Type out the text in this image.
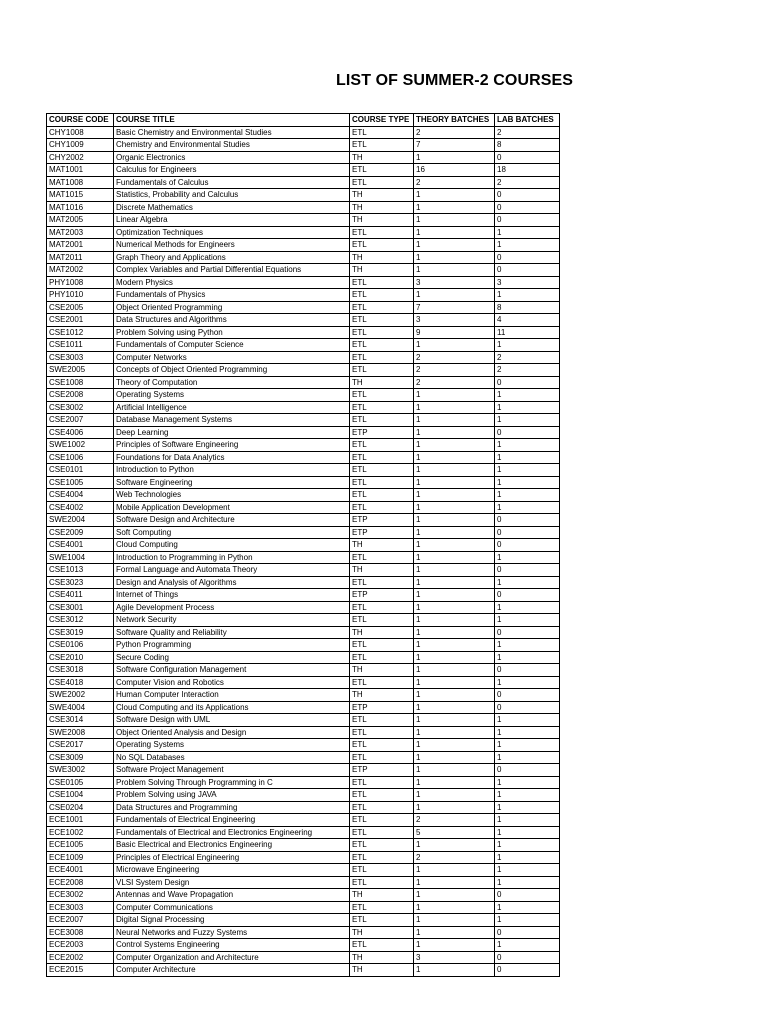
LIST OF SUMMER-2 COURSES
COURSE CODE	COURSE TITLE	COURSE TYPE	THEORY BATCHES	LAB BATCHES
CHY1008	Basic Chemistry and Environmental Studies	ETL	2	2
CHY1009	Chemistry and Environmental Studies	ETL	7	8
CHY2002	Organic Electronics	TH	1	0
MAT1001	Calculus for Engineers	ETL	16	18
MAT1008	Fundamentals of Calculus	ETL	2	2
MAT1015	Statistics, Probability and Calculus	TH	1	0
MAT1016	Discrete Mathematics	TH	1	0
MAT2005	Linear Algebra	TH	1	0
MAT2003	Optimization Techniques	ETL	1	1
MAT2001	Numerical Methods for Engineers	ETL	1	1
MAT2011	Graph Theory and Applications	TH	1	0
MAT2002	Complex Variables and Partial Differential Equations	TH	1	0
PHY1008	Modern Physics	ETL	3	3
PHY1010	Fundamentals of Physics	ETL	1	1
CSE2005	Object Oriented Programming	ETL	7	8
CSE2001	Data Structures and Algorithms	ETL	3	4
CSE1012	Problem Solving using Python	ETL	9	11
CSE1011	Fundamentals of Computer Science	ETL	1	1
CSE3003	Computer Networks	ETL	2	2
SWE2005	Concepts of Object Oriented Programming	ETL	2	2
CSE1008	Theory of Computation	TH	2	0
CSE2008	Operating Systems	ETL	1	1
CSE3002	Artificial Intelligence	ETL	1	1
CSE2007	Database Management Systems	ETL	1	1
CSE4006	Deep Learning	ETP	1	0
SWE1002	Principles of Software Engineering	ETL	1	1
CSE1006	Foundations for Data Analytics	ETL	1	1
CSE0101	Introduction to Python	ETL	1	1
CSE1005	Software Engineering	ETL	1	1
CSE4004	Web Technologies	ETL	1	1
CSE4002	Mobile Application Development	ETL	1	1
SWE2004	Software Design and Architecture	ETP	1	0
CSE2009	Soft Computing	ETP	1	0
CSE4001	Cloud Computing	TH	1	0
SWE1004	Introduction to Programming in Python	ETL	1	1
CSE1013	Formal Language and Automata Theory	TH	1	0
CSE3023	Design and Analysis of Algorithms	ETL	1	1
CSE4011	Internet of Things	ETP	1	0
CSE3001	Agile Development Process	ETL	1	1
CSE3012	Network Security	ETL	1	1
CSE3019	Software Quality and Reliability	TH	1	0
CSE0106	Python Programming	ETL	1	1
CSE2010	Secure Coding	ETL	1	1
CSE3018	Software Configuration Management	TH	1	0
CSE4018	Computer Vision and Robotics	ETL	1	1
SWE2002	Human Computer Interaction	TH	1	0
SWE4004	Cloud Computing and its Applications	ETP	1	0
CSE3014	Software Design with UML	ETL	1	1
SWE2008	Object Oriented Analysis and Design	ETL	1	1
CSE2017	Operating Systems	ETL	1	1
CSE3009	No SQL Databases	ETL	1	1
SWE3002	Software Project Management	ETP	1	0
CSE0105	Problem Solving Through Programming in C	ETL	1	1
CSE1004	Problem Solving using JAVA	ETL	1	1
CSE0204	Data Structures and Programming	ETL	1	1
ECE1001	Fundamentals of Electrical Engineering	ETL	2	1
ECE1002	Fundamentals of Electrical and Electronics Engineering	ETL	5	1
ECE1005	Basic Electrical and Electronics Engineering	ETL	1	1
ECE1009	Principles of Electrical Engineering	ETL	2	1
ECE4001	Microwave Engineering	ETL	1	1
ECE2008	VLSI System Design	ETL	1	1
ECE3002	Antennas and Wave Propagation	TH	1	0
ECE3003	Computer Communications	ETL	1	1
ECE2007	Digital Signal Processing	ETL	1	1
ECE3008	Neural Networks and Fuzzy Systems	TH	1	0
ECE2003	Control Systems Engineering	ETL	1	1
ECE2002	Computer Organization and Architecture	TH	3	0
ECE2015	Computer Architecture	TH	1	0
